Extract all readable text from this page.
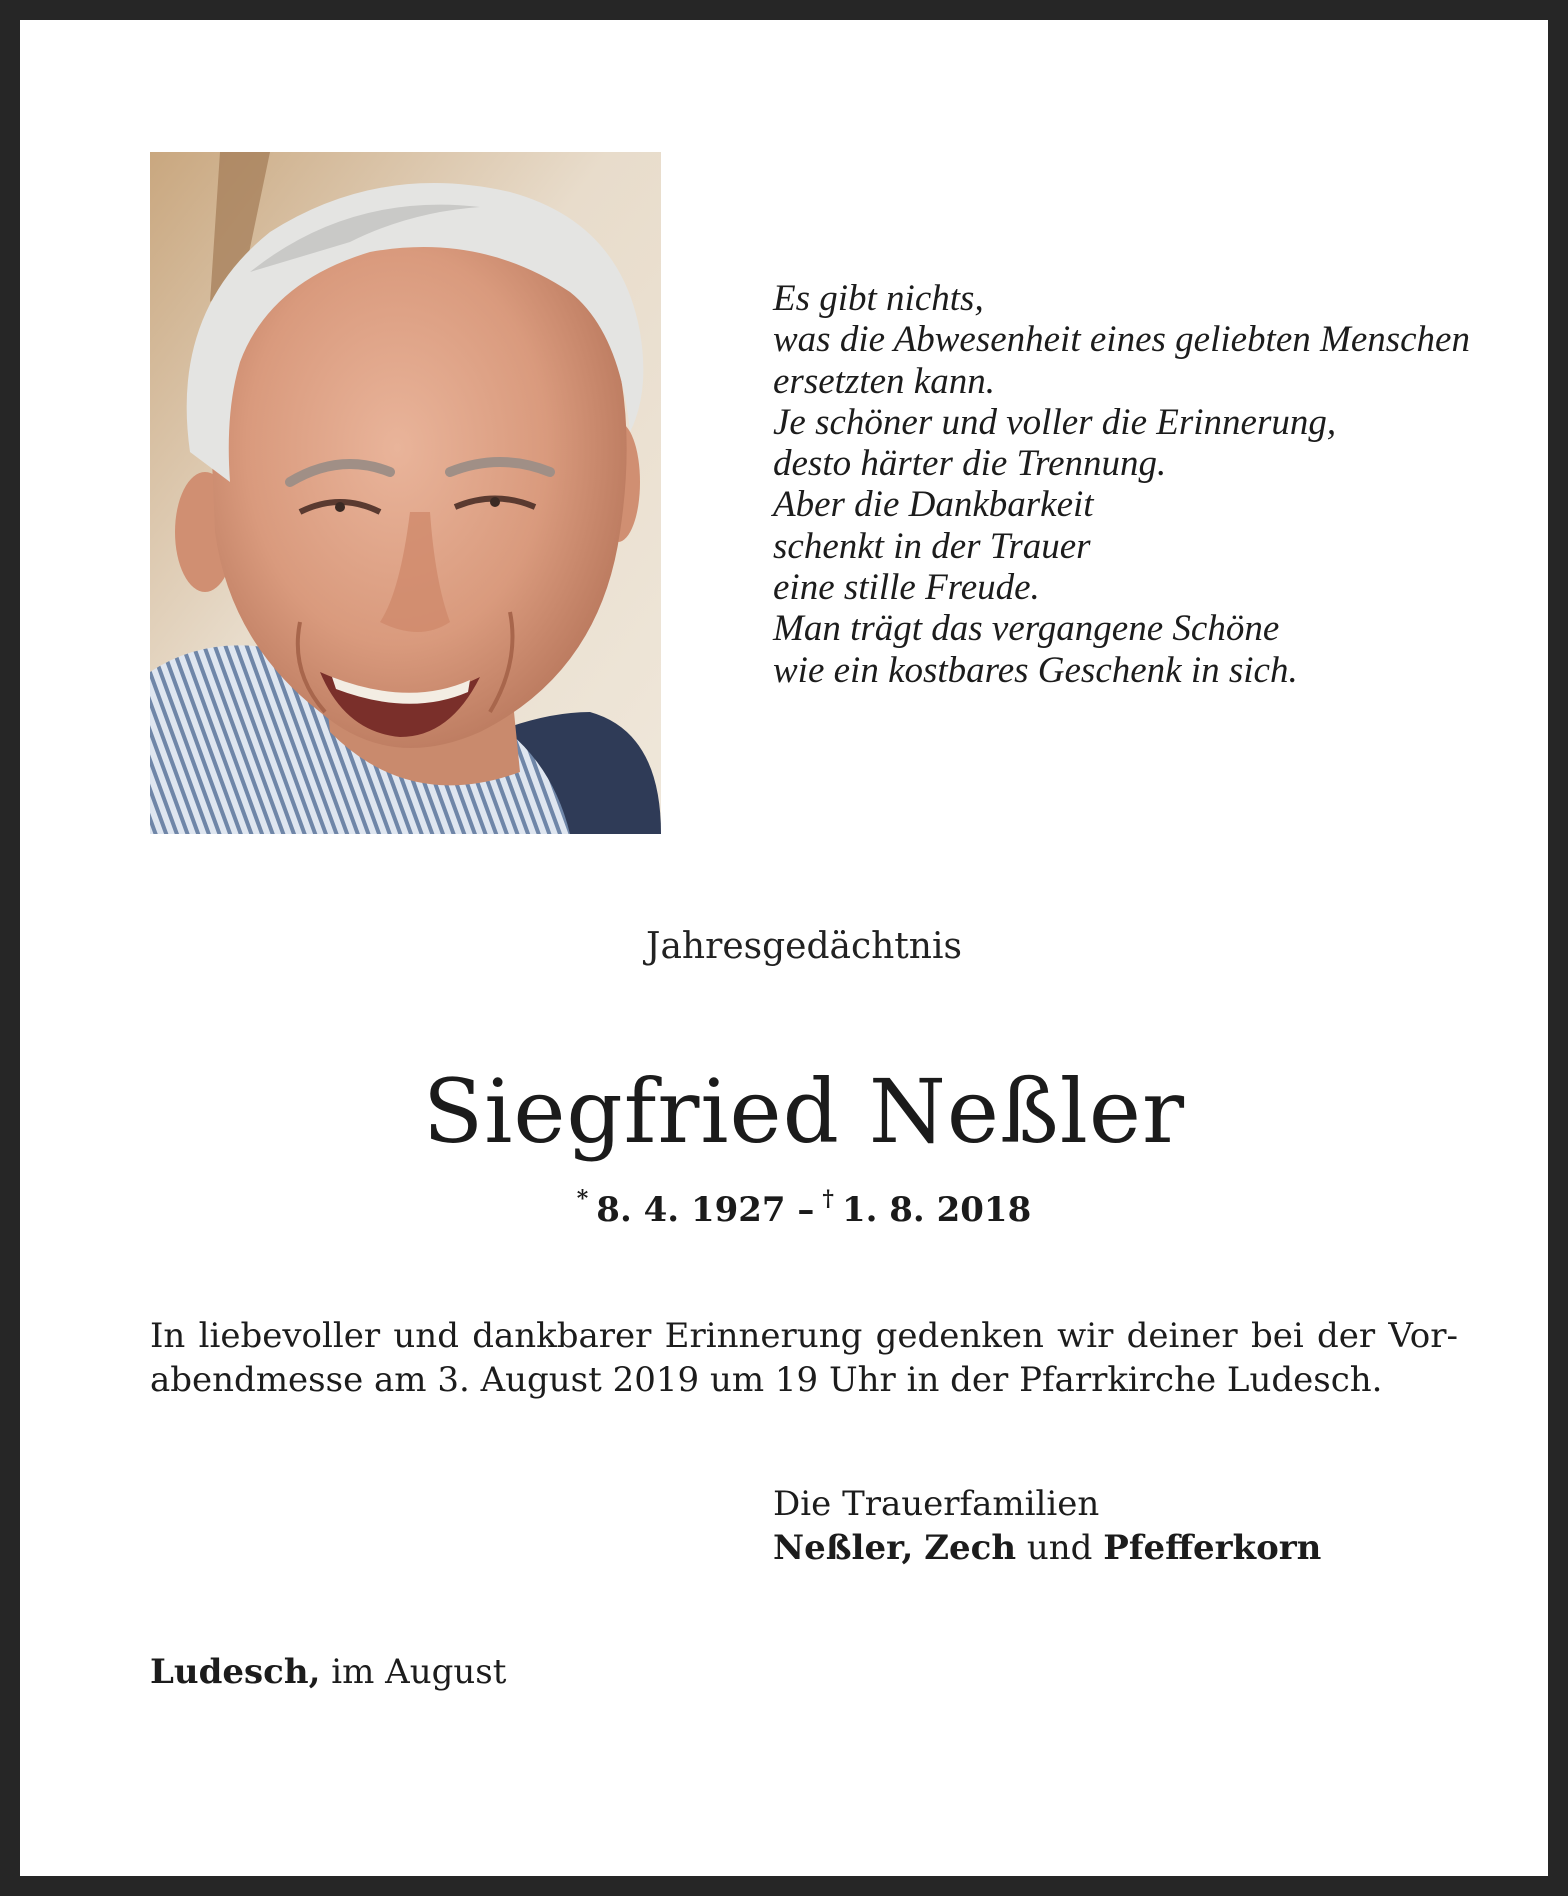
Es gibt nichts,
was die Abwesenheit eines geliebten Menschen
ersetzten kann.
Je schöner und voller die Erinnerung,
desto härter die Trennung.
Aber die Dankbarkeit
schenkt in der Trauer
eine stille Freude.
Man trägt das vergangene Schöne
wie ein kostbares Geschenk in sich.
Jahresgedächtnis
Siegfried Neßler
* 8. 4. 1927 – † 1. 8. 2018
In liebevoller und dankbarer Erinnerung gedenken wir deiner bei der Vor-
abendmesse am 3. August 2019 um 19 Uhr in der Pfarrkirche Ludesch.
Die Trauerfamilien
Neßler, Zech und Pfefferkorn
Ludesch, im August
